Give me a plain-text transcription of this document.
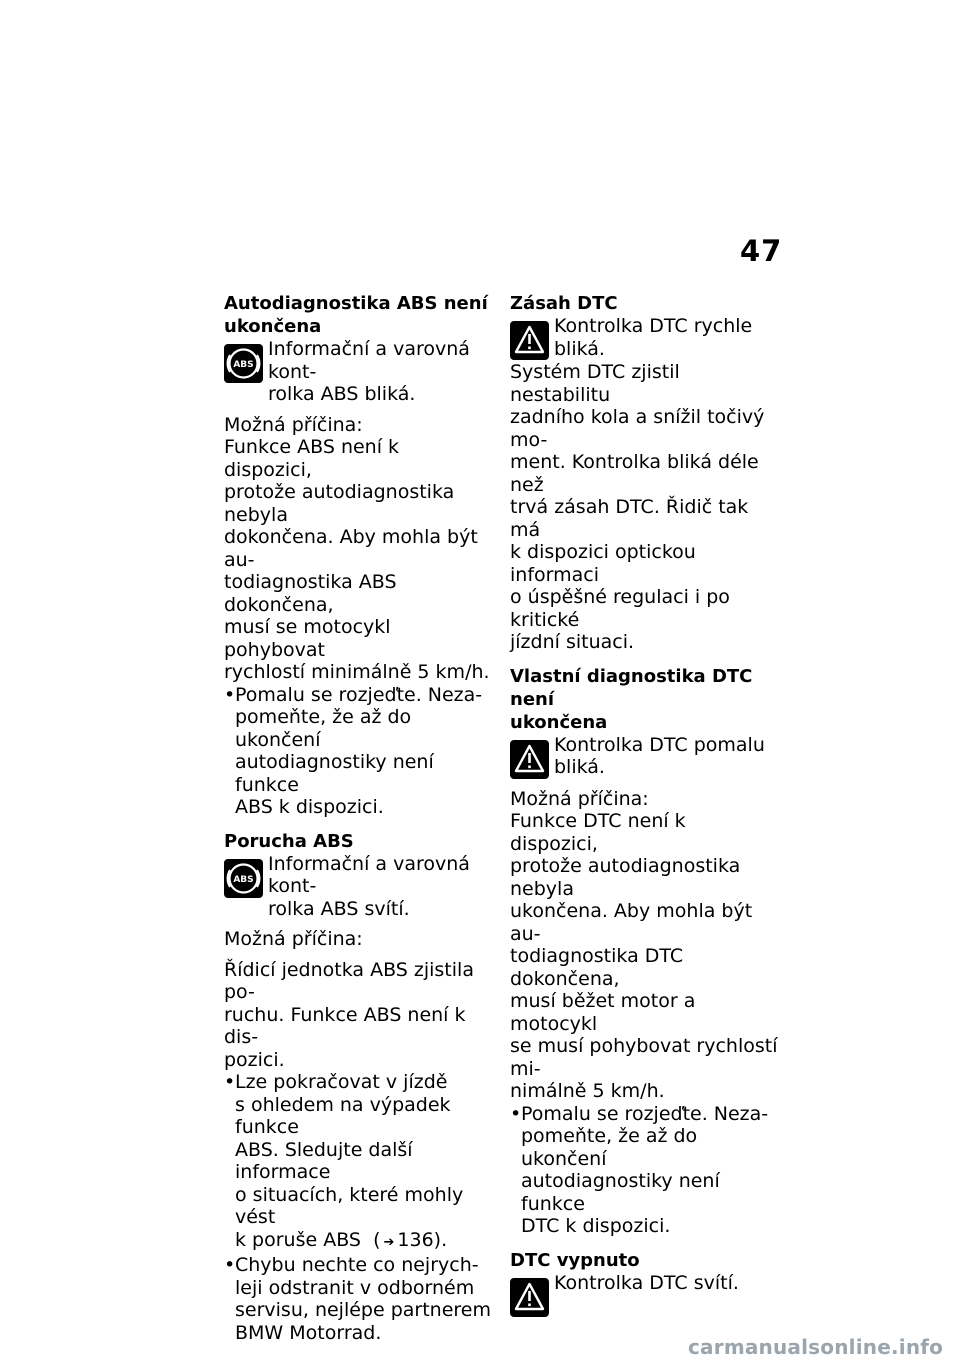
47
Autodiagnostika ABS není
ukončena
ABS
Informační a varovná kont-
rolka ABS bliká.

Možná příčina:

Funkce ABS není k dispozici,
protože autodiagnostika nebyla
dokončena. Aby mohla být au-
todiagnostika ABS dokončena,
musí se motocykl pohybovat
rychlostí minimálně 5 km/h.

• Pomalu se rozjeďte. Neza-
pomeňte, že až do ukončení
autodiagnostiky není funkce
ABS k dispozici.
Porucha ABS
ABS
Informační a varovná kont-
rolka ABS svítí.

Možná příčina:

Řídicí jednotka ABS zjistila po-
ruchu. Funkce ABS není k dis-
pozici.

• Lze pokračovat v jízdě
s ohledem na výpadek funkce
ABS. Sledujte další informace
o situacích, které mohly vést
k poruše ABS ( ➔ 136).
• Chybu nechte co nejrych-
leji odstranit v odborném
servisu, nejlépe partnerem
BMW Motorrad.
Zásah DTC
Kontrolka DTC rychle
bliká.

Systém DTC zjistil nestabilitu
zadního kola a snížil točivý mo-
ment. Kontrolka bliká déle než
trvá zásah DTC. Řidič tak má
k dispozici optickou informaci
o úspěšné regulaci i po kritické
jízdní situaci.

Vlastní diagnostika DTC není
ukončena
Kontrolka DTC pomalu
bliká.

Možná příčina:

Funkce DTC není k dispozici,
protože autodiagnostika nebyla
ukončena. Aby mohla být au-
todiagnostika DTC dokončena,
musí běžet motor a motocykl
se musí pohybovat rychlostí mi-
nimálně 5 km/h.

• Pomalu se rozjeďte. Neza-
pomeňte, že až do ukončení
autodiagnostiky není funkce
DTC k dispozici.
DTC vypnuto
Kontrolka DTC svítí.
carmanualsonline.info
